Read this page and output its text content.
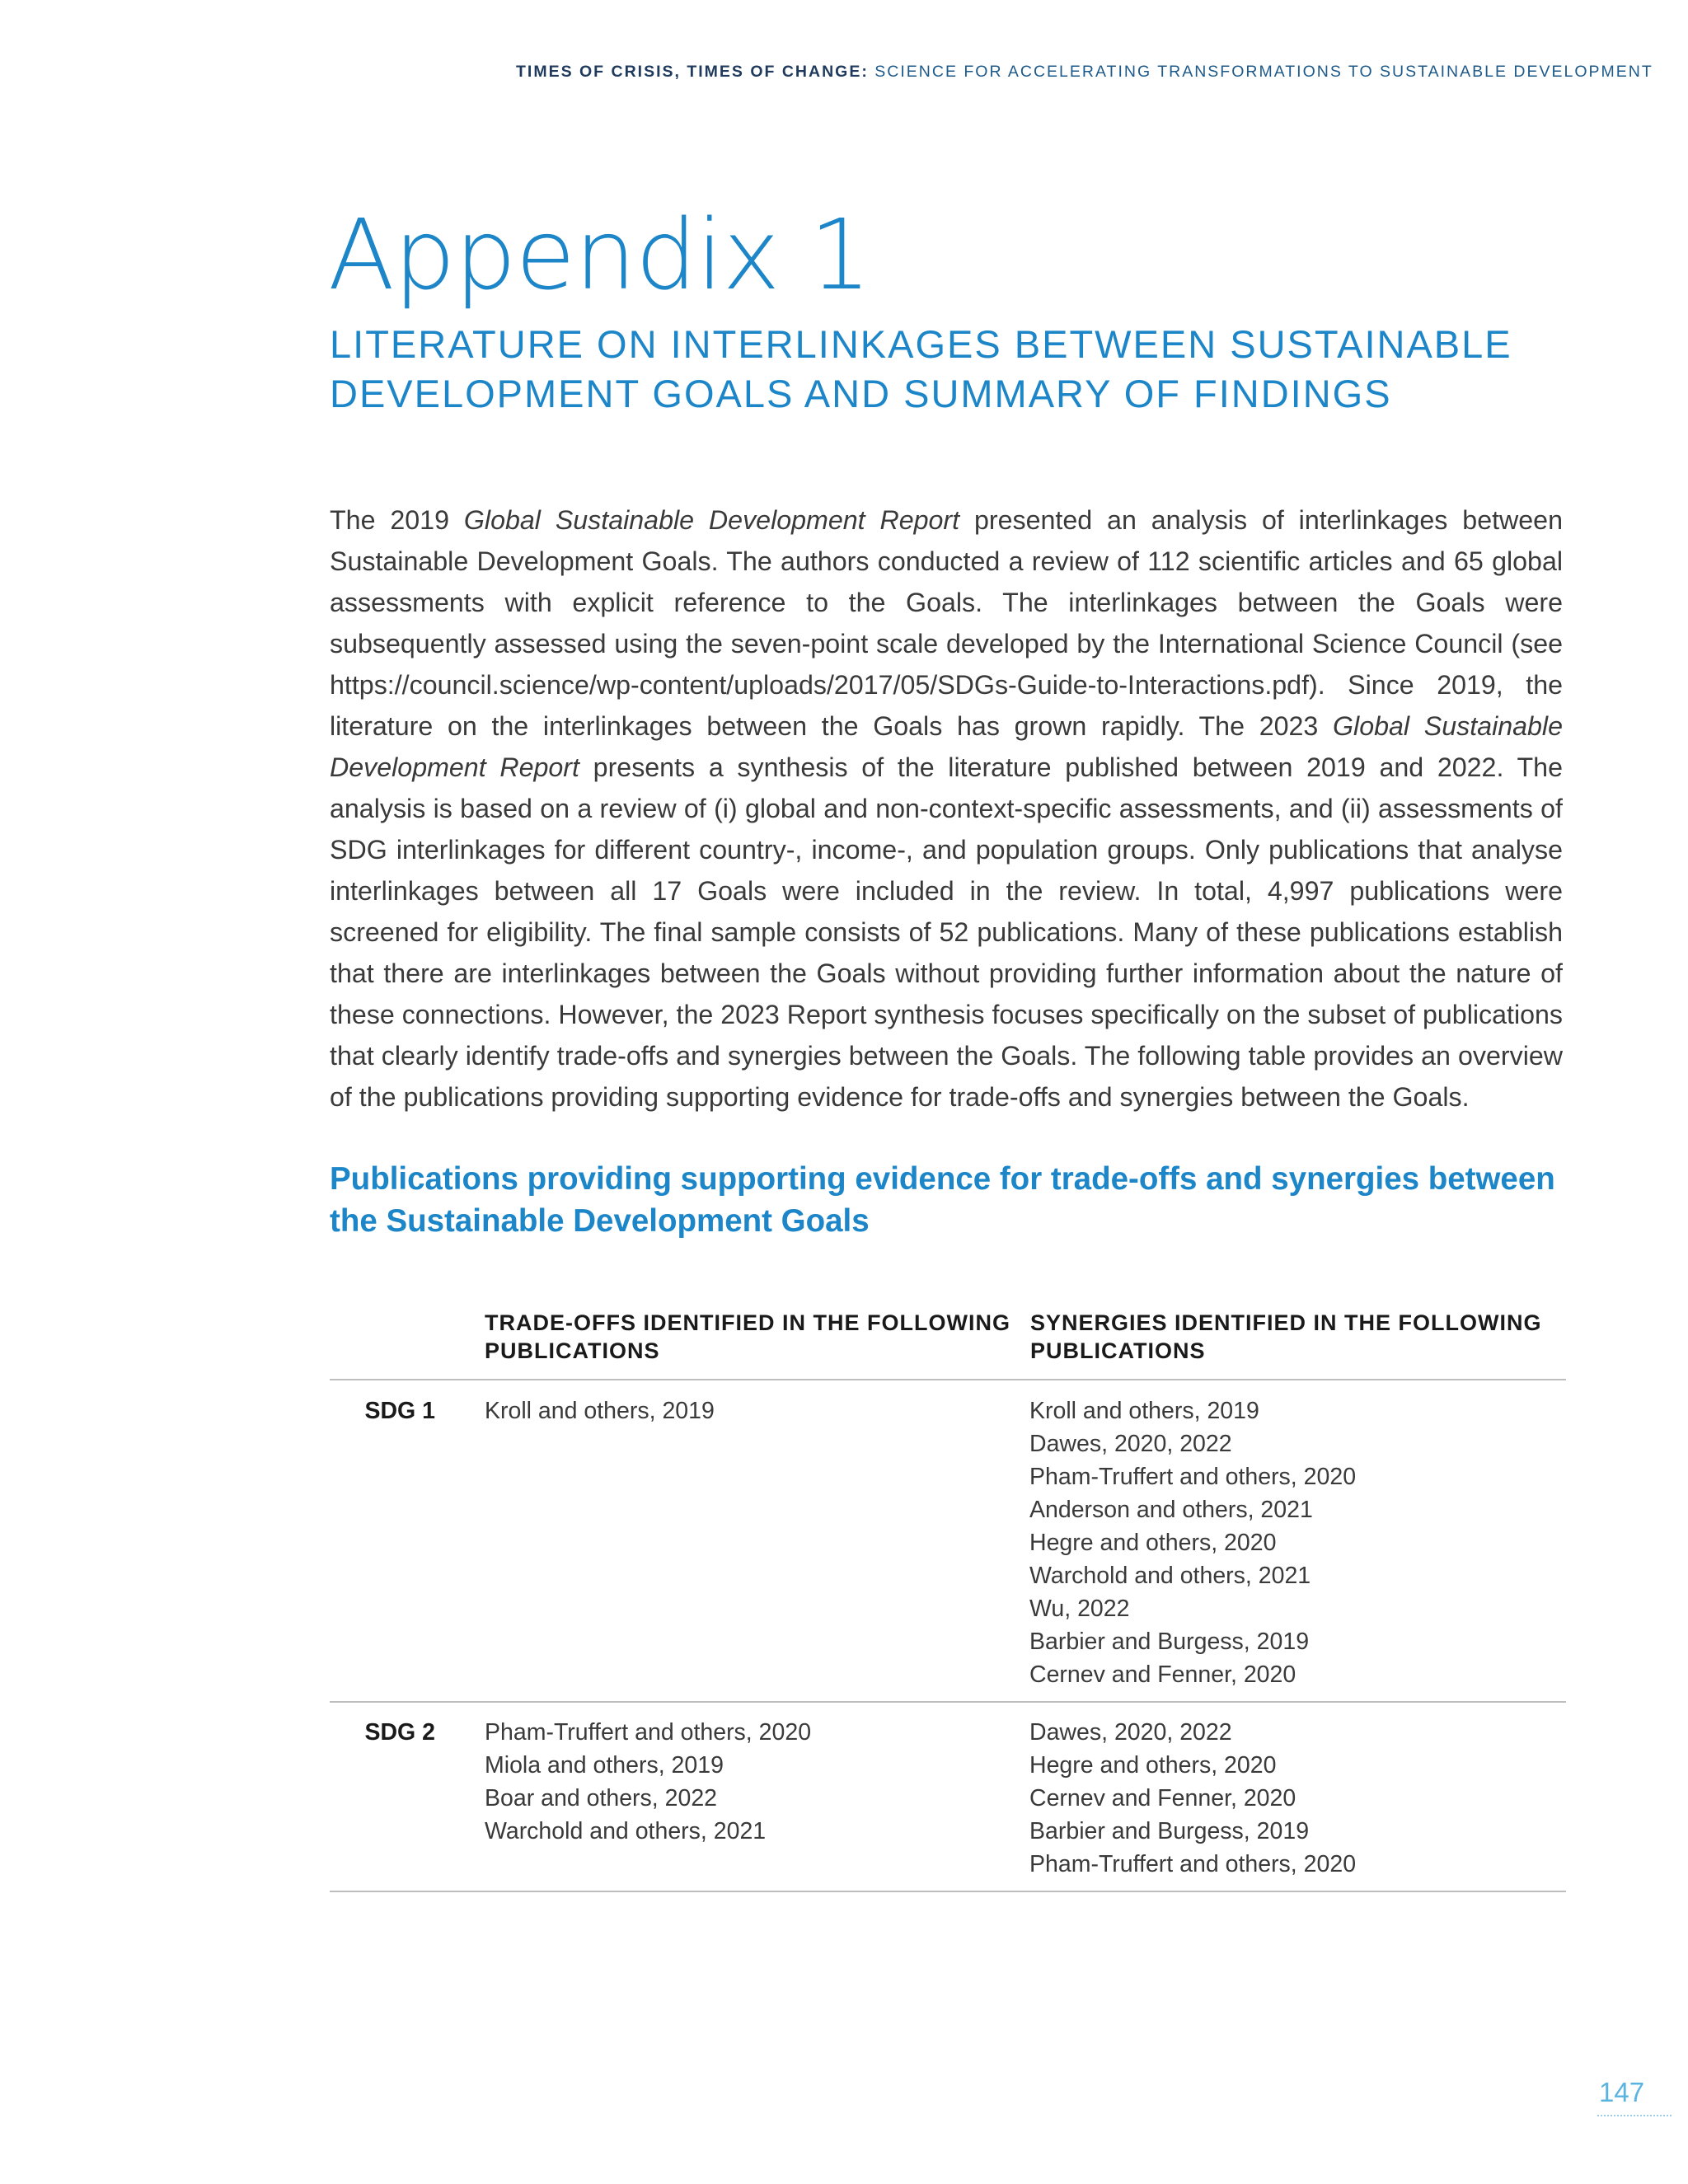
TIMES OF CRISIS, TIMES OF CHANGE: SCIENCE FOR ACCELERATING TRANSFORMATIONS TO SUSTAINABLE DEVELOPMENT
Appendix 1
LITERATURE ON INTERLINKAGES BETWEEN SUSTAINABLE
DEVELOPMENT GOALS AND SUMMARY OF FINDINGS

The 2019 Global Sustainable Development Report presented an analysis of interlinkages between Sustainable Development Goals. The authors conducted a review of 112 scientific articles and 65 global assessments with explicit reference to the Goals. The interlinkages between the Goals were subsequently assessed using the seven-point scale developed by the International Science Council (see https://council.science/wp-content/uploads/2017/05/SDGs-Guide-to-Interactions.pdf). Since 2019, the literature on the interlinkages between the Goals has grown rapidly. The 2023 Global Sustainable Development Report presents a synthesis of the literature published between 2019 and 2022. The analysis is based on a review of (i) global and non-context-specific assessments, and (ii) assessments of SDG interlinkages for different country-, income-, and population groups. Only publications that analyse interlinkages between all 17 Goals were included in the review. In total, 4,997 publications were screened for eligibility. The final sample consists of 52 publications. Many of these publications establish that there are interlinkages between the Goals without providing further information about the nature of these connections. However, the 2023 Report synthesis focuses specifically on the subset of publications that clearly identify trade-offs and synergies between the Goals. The following table provides an overview of the publications providing supporting evidence for trade-offs and synergies between the Goals.

Publications providing supporting evidence for trade-offs and synergies between
the Sustainable Development Goals
TRADE-OFFS IDENTIFIED IN THE FOLLOWING PUBLICATIONS
SYNERGIES IDENTIFIED IN THE FOLLOWING PUBLICATIONS
SDG 1 Kroll and others, 2019	Kroll and others, 2019
Dawes, 2020, 2022
Pham-Truffert and others, 2020
Anderson and others, 2021
Hegre and others, 2020
Warchold and others, 2021
Wu, 2022
Barbier and Burgess, 2019
Cernev and Fenner, 2020
SDG 2 Pham-Truffert and others, 2020
Miola and others, 2019
Boar and others, 2022
Warchold and others, 2021
Dawes, 2020, 2022
Hegre and others, 2020
Cernev and Fenner, 2020
Barbier and Burgess, 2019
Pham-Truffert and others, 2020
147
